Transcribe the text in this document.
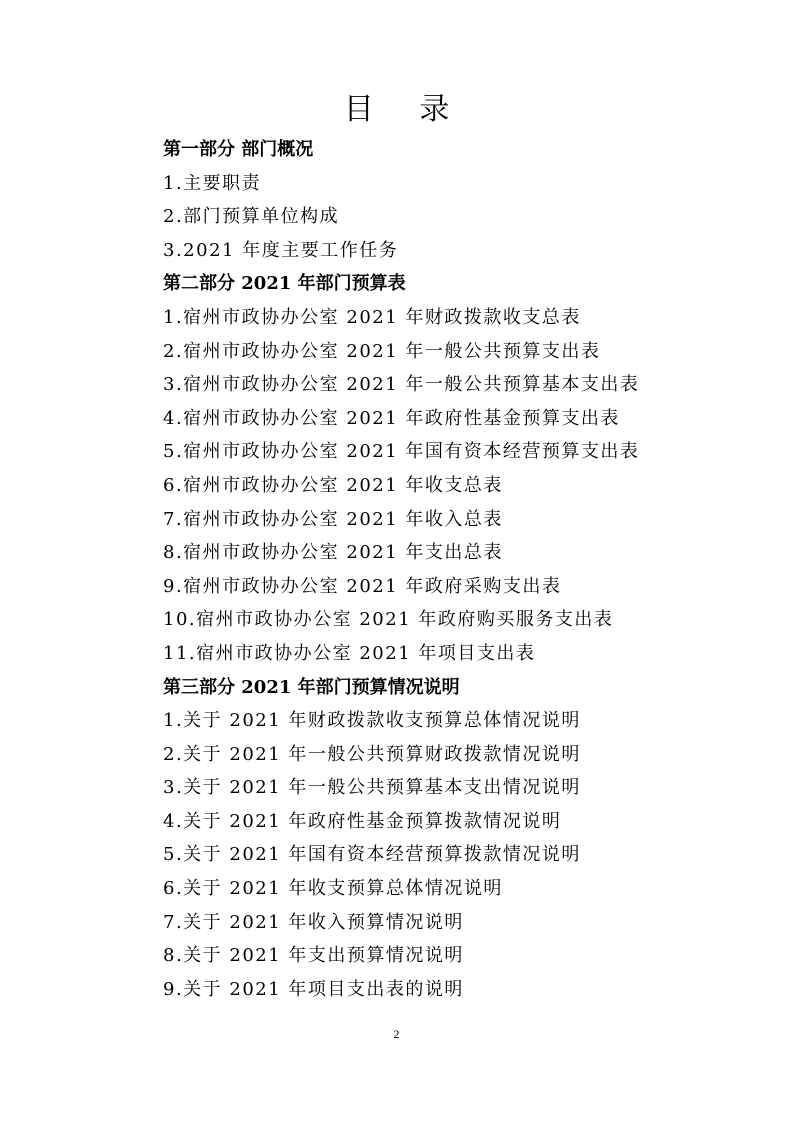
目 录
第一部分 部门概况
1.主要职责
2.部门预算单位构成
3.2021 年度主要工作任务
第二部分 2021 年部门预算表
1.宿州市政协办公室 2021 年财政拨款收支总表
2.宿州市政协办公室 2021 年一般公共预算支出表
3.宿州市政协办公室 2021 年一般公共预算基本支出表
4.宿州市政协办公室 2021 年政府性基金预算支出表
5.宿州市政协办公室 2021 年国有资本经营预算支出表
6.宿州市政协办公室 2021 年收支总表
7.宿州市政协办公室 2021 年收入总表
8.宿州市政协办公室 2021 年支出总表
9.宿州市政协办公室 2021 年政府采购支出表
10.宿州市政协办公室 2021 年政府购买服务支出表
11.宿州市政协办公室 2021 年项目支出表
第三部分 2021 年部门预算情况说明
1.关于 2021 年财政拨款收支预算总体情况说明
2.关于 2021 年一般公共预算财政拨款情况说明
3.关于 2021 年一般公共预算基本支出情况说明
4.关于 2021 年政府性基金预算拨款情况说明
5.关于 2021 年国有资本经营预算拨款情况说明
6.关于 2021 年收支预算总体情况说明
7.关于 2021 年收入预算情况说明
8.关于 2021 年支出预算情况说明
9.关于 2021 年项目支出表的说明
2
